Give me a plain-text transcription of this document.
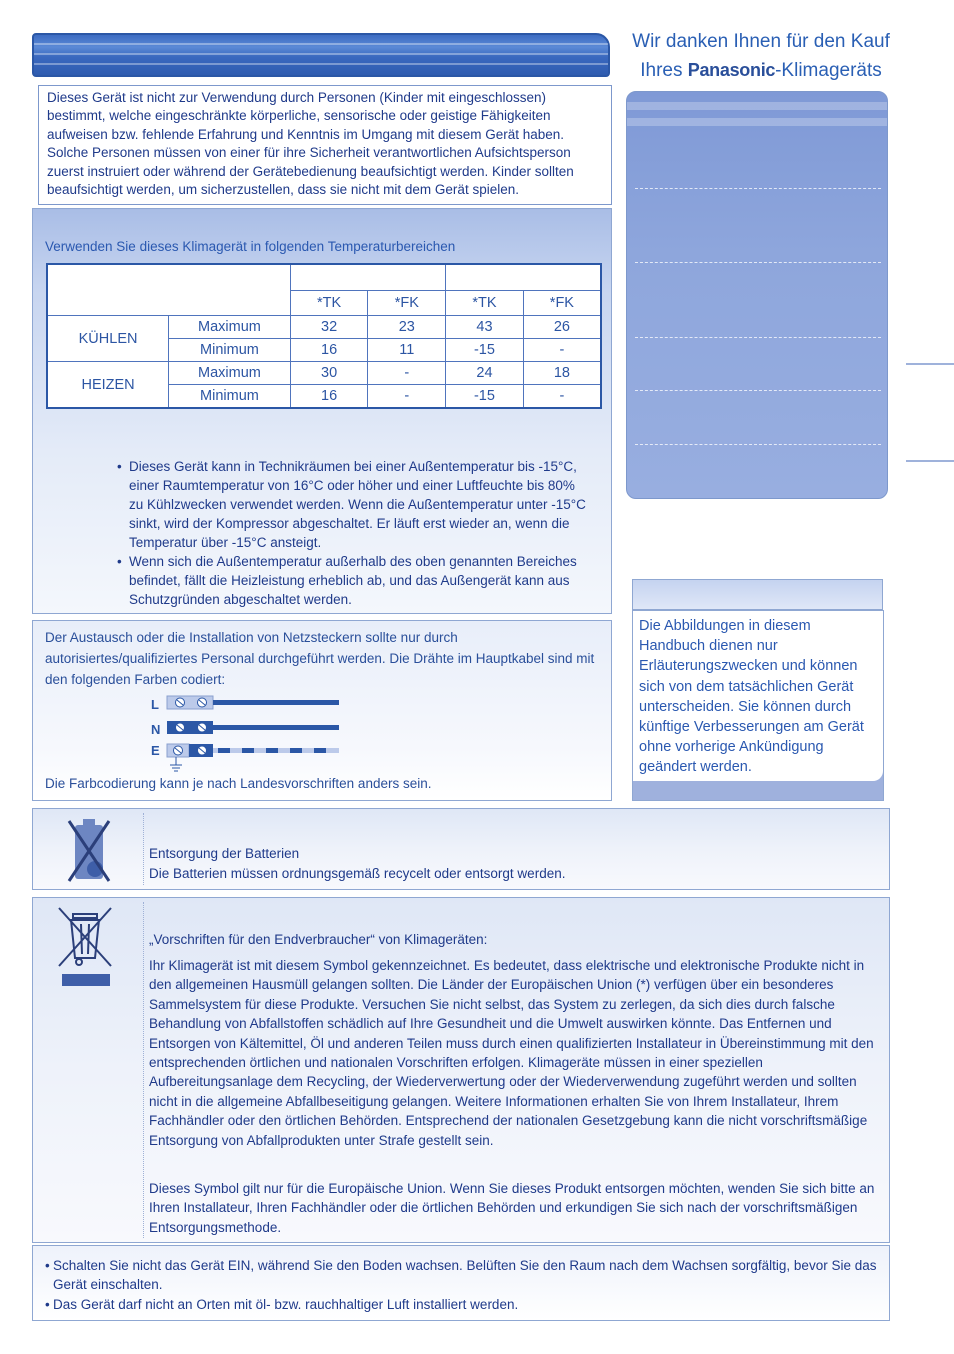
Wir danken Ihnen für den Kauf
Ihres Panasonic-Klimageräts

Dieses Gerät ist nicht zur Verwendung durch Personen (Kinder mit eingeschlossen) bestimmt, welche eingeschränkte körperliche, sensorische oder geistige Fähigkeiten aufweisen bzw. fehlende Erfahrung und Kenntnis im Umgang mit diesem Gerät haben. Solche Personen müssen von einer für ihre Sicherheit verantwortlichen Aufsichtsperson zuerst instruiert oder während der Gerätebedienung beaufsichtigt werden. Kinder sollten beaufsichtigt werden, um sicherzustellen, dass sie nicht mit dem Gerät spielen.

Verwenden Sie dieses Klimagerät in folgenden Temperaturbereichen

		*TK	*FK	*TK	*FK
KÜHLEN	Maximum	32	23	43	26
	Minimum	16	11	-15	-
HEIZEN	Maximum	30	-	24	18
	Minimum	16	-	-15	-
• Dieses Gerät kann in Technikräumen bei einer Außentemperatur bis -15°C, einer Raumtemperatur von 16°C oder höher und einer Luftfeuchte bis 80% zu Kühlzwecken verwendet werden. Wenn die Außentemperatur unter -15°C sinkt, wird der Kompressor abgeschaltet. Er läuft erst wieder an, wenn die Temperatur über -15°C ansteigt.
• Wenn sich die Außentemperatur außerhalb des oben genannten Bereiches befindet, fällt die Heizleistung erheblich ab, und das Außengerät kann aus Schutzgründen abgeschaltet werden.
Der Austausch oder die Installation von Netzsteckern sollte nur durch autorisiertes/qualifiziertes Personal durchgeführt werden. Die Drähte im Hauptkabel sind mit den folgenden Farben codiert:
L
N
E
Die Farbcodierung kann je nach Landesvorschriften anders sein.

Die Abbildungen in diesem Handbuch dienen nur Erläuterungszwecken und können sich von dem tatsächlichen Gerät unterscheiden. Sie können durch künftige Verbesserungen am Gerät ohne vorherige Ankündigung geändert werden.

Entsorgung der Batterien
Die Batterien müssen ordnungsgemäß recycelt oder entsorgt werden.
„Vorschriften für den Endverbraucher“ von Klimageräten:
Ihr Klimagerät ist mit diesem Symbol gekennzeichnet. Es bedeutet, dass elektrische und elektronische Produkte nicht in den allgemeinen Hausmüll gelangen sollten. Die Länder der Europäischen Union (*) verfügen über ein besonderes Sammelsystem für diese Produkte. Versuchen Sie nicht selbst, das System zu zerlegen, da sich dies durch falsche Behandlung von Abfallstoffen schädlich auf Ihre Gesundheit und die Umwelt auswirken könnte. Das Entfernen und Entsorgen von Kältemittel, Öl und anderen Teilen muss durch einen qualifizierten Installateur in Übereinstimmung mit den entsprechenden örtlichen und nationalen Vorschriften erfolgen. Klimageräte müssen in einer speziellen Aufbereitungsanlage dem Recycling, der Wiederverwertung oder der Wiederverwendung zugeführt werden und sollten nicht in die allgemeine Abfallbeseitigung gelangen. Weitere Informationen erhalten Sie von Ihrem Installateur, Ihrem Fachhändler oder den örtlichen Behörden. Entsprechend der nationalen Gesetzgebung kann die nicht vorschriftsmäßige Entsorgung von Abfallprodukten unter Strafe gestellt sein.
Dieses Symbol gilt nur für die Europäische Union. Wenn Sie dieses Produkt entsorgen möchten, wenden Sie sich bitte an Ihren Installateur, Ihren Fachhändler oder die örtlichen Behörden und erkundigen Sie sich nach der vorschriftsmäßigen Entsorgungsmethode.
• Schalten Sie nicht das Gerät EIN, während Sie den Boden wachsen. Belüften Sie den Raum nach dem Wachsen sorgfältig, bevor Sie das Gerät einschalten.
• Das Gerät darf nicht an Orten mit öl- bzw. rauchhaltiger Luft installiert werden.
